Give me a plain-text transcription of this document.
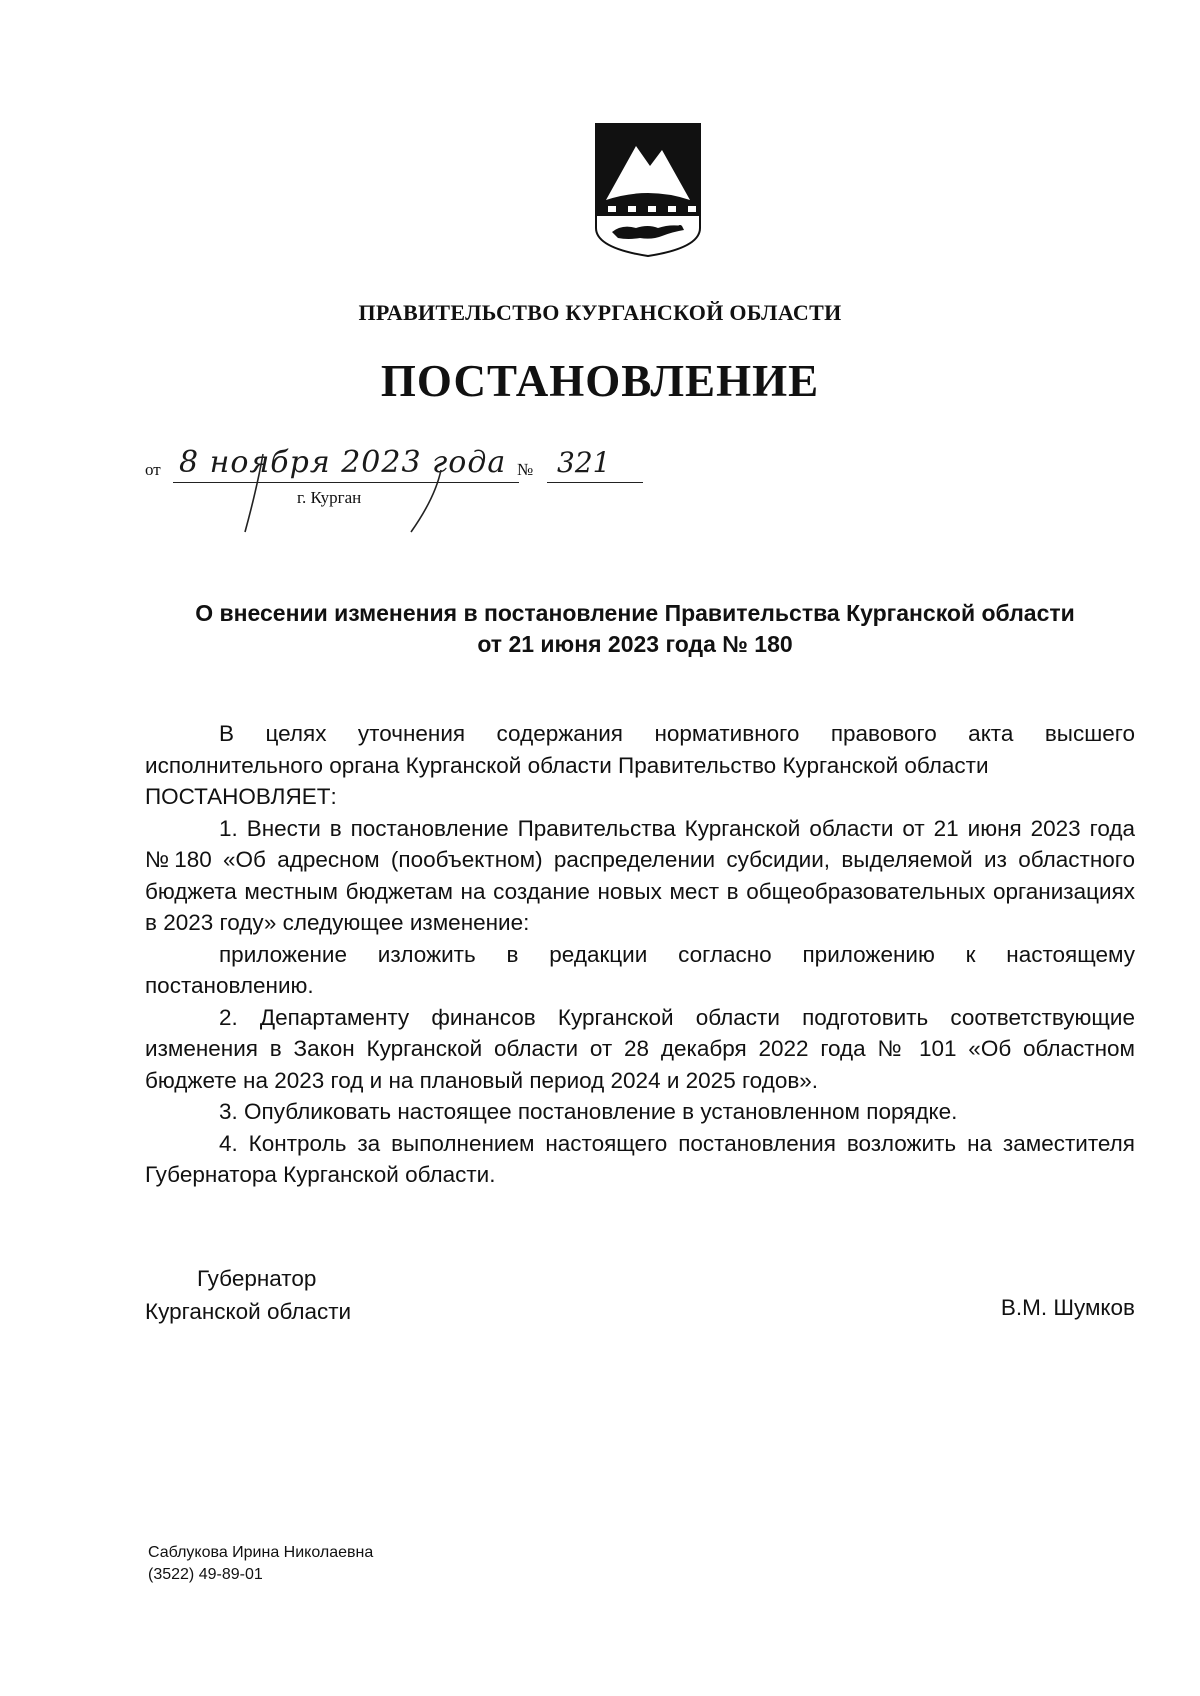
ПРАВИТЕЛЬСТВО КУРГАНСКОЙ ОБЛАСТИ
ПОСТАНОВЛЕНИЕ
от 8 ноября 2023 года № 321
г. Курган
О внесении изменения в постановление Правительства Курганской области
от 21 июня 2023 года № 180

В целях уточнения содержания нормативного правового акта высшего исполнительного органа Курганской области Правительство Курганской области

ПОСТАНОВЛЯЕТ:

1. Внести в постановление Правительства Курганской области от 21 июня 2023 года №180 «Об адресном (пообъектном) распределении субсидии, выделяемой из областного бюджета местным бюджетам на создание новых мест в общеобразовательных организациях в 2023 году» следующее изменение:

приложение изложить в редакции согласно приложению к настоящему постановлению.

2. Департаменту финансов Курганской области подготовить соответствующие изменения в Закон Курганской области от 28 декабря 2022 года № 101 «Об областном бюджете на 2023 год и на плановый период 2024 и 2025 годов».

3. Опубликовать настоящее постановление в установленном порядке.

4. Контроль за выполнением настоящего постановления возложить на заместителя Губернатора Курганской области.

Губернатор
Курганской области	В.М. Шумков
Саблукова Ирина Николаевна
(3522) 49-89-01
